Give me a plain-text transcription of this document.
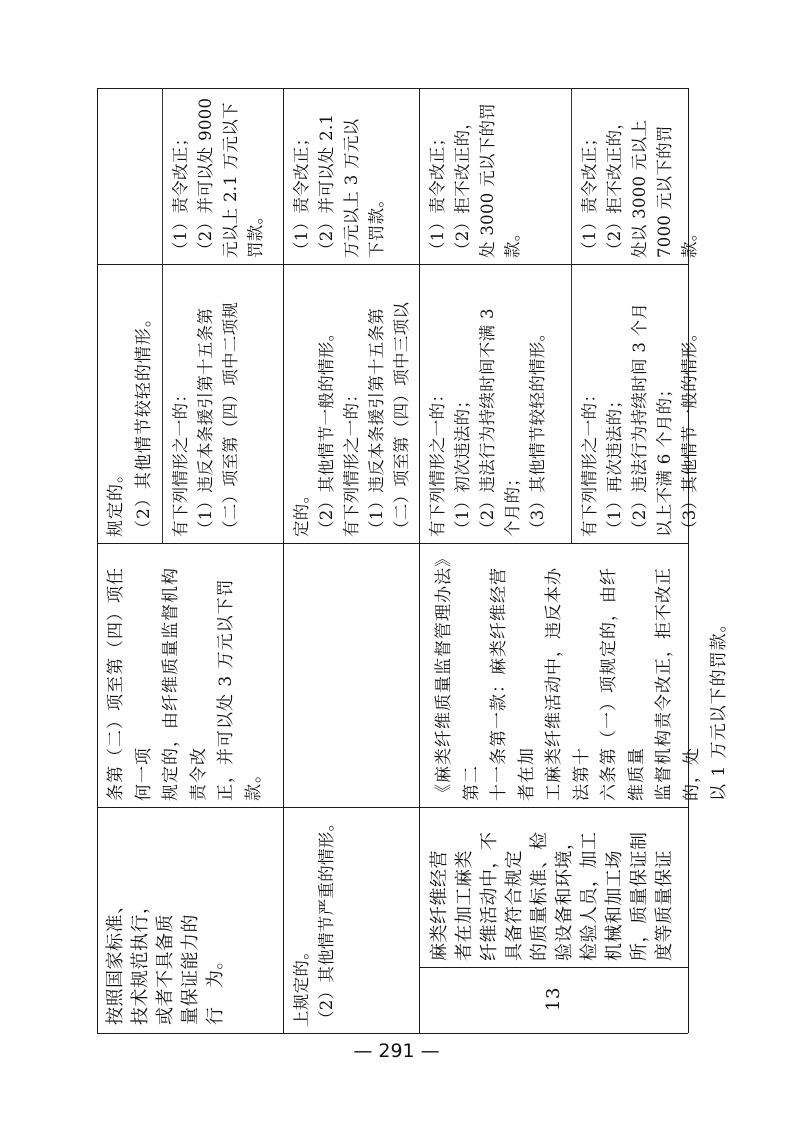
按照国家标准、 技术规范执行， 或者不具备质 量保证能力的 行　为。

条第（二）项至第（四）项任何一项 规定的，由纤维质量监督机构责令改 正，并可以处 3 万元以下罚款。

规定的。 （2）其他情节较轻的情形。 有下列情形之一的： （1）违反本条援引第十五条第 （二）项至第（四）项中二项规

（1）责令改正； （2）并可以处 9000 元以上 2.1 万元以下 罚款。

定的。 （2）其他情节一般的情形。 有下列情形之一的： （1）违反本条援引第十五条第 （二）项至第（四）项中三项以

（1）责令改正； （2）并可以处 2.1 万元以上 3 万元以 下罚款。

上规定的。 （2）其他情节严重的情形。	13

麻类纤维经营 者在加工麻类 纤维活动中，不 具备符合规定 的质量标准、检 验设备和环境， 检验人员，加工 机械和加工场 所，质量保证制 度等质量保证

《麻类纤维质量监督管理办法》第二 十一条第一款：麻类纤维经营者在加 工麻类纤维活动中，违反本办法第十 六条第（一）项规定的，由纤维质量 监督机构责令改正，拒不改正的，处 以 1 万元以下的罚款。

有下列情形之一的： （1）初次违法的； （2）违法行为持续时间不满 3 个月的； （3）其他情节较轻的情形。 有下列情形之一的： （1）再次违法的； （2）违法行为持续时间 3 个月 以上不满 6 个月的； （3）其他情节一般的情形。

（1）责令改正； （2）拒不改正的， 处 3000 元以下的罚 款。	（1）责令改正； （2）拒不改正的， 处以 3000 元以上 7000 元以下的罚 款。

— 291 —
